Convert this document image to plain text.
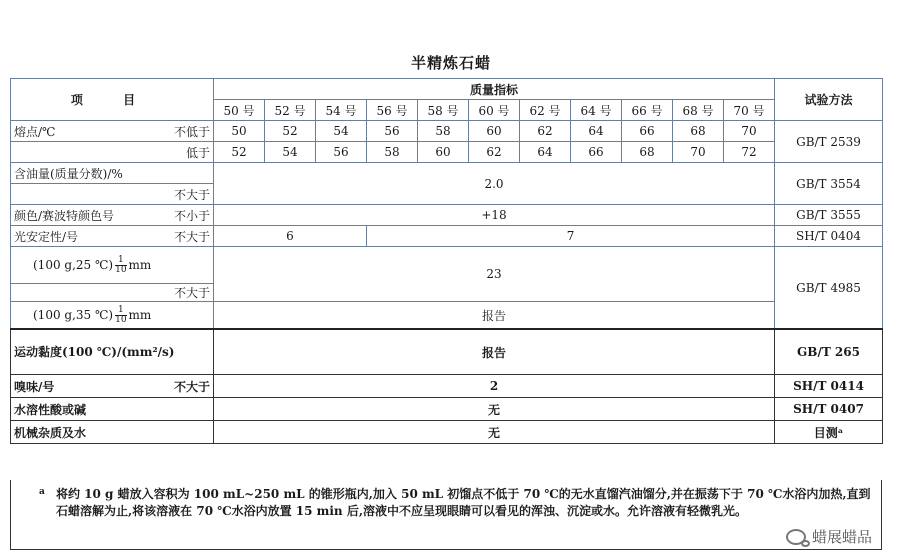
半精炼石蜡
项 目	质量指标											试验方法
	50 号	52 号	54 号	56 号	58 号	60 号	62 号	64 号	66 号	68 号	70 号	

熔点/℃ 不低于	50	52	54	56	58	60	62	64	66	68	70	GB/T 2539
低于	52	54	56	58	60	62	64	66	68	70	72	
含油量(质量分数)/%	2.0											GB/T 3554
不大于												

颜色/赛波特颜色号 不小于	+18											GB/T 3555

光安定性/号 不大于	6			7								SH/T 0404
(100 g,25 ℃) $\frac{1}{10}$ mm	23											GB/T 4985
不大于												
(100 g,35 ℃) $\frac{1}{10}$ mm	报告											
运动黏度(100 ℃)/(mm²/s)	报告											GB/T 265

嗅味/号 不大于	2											SH/T 0414
水溶性酸或碱	无											SH/T 0407
机械杂质及水	无											目测ᵃ
a 将约 10 g 蜡放入容积为 100 mL~250 mL 的锥形瓶内,加入 50 mL 初馏点不低于 70 ℃的无水直馏汽油馏分,并在振荡下于 70 ℃水浴内加热,直到石蜡溶解为止,将该溶液在 70 ℃水浴内放置 15 min 后,溶液中不应呈现眼睛可以看见的浑浊、沉淀或水。允许溶液有轻微乳光。
蜡展蜡品
